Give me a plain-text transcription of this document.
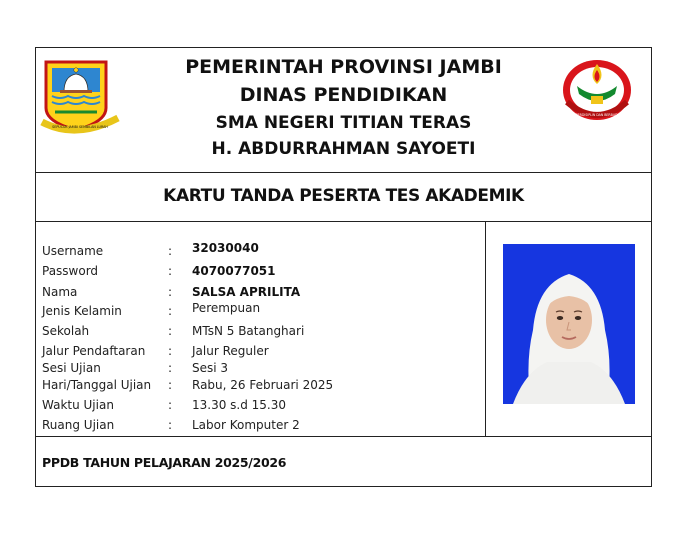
SEPUCUK JAMBI SEMBILAN LURAH
PEMERINTAH PROVINSI JAMBI
DINAS PENDIDIKAN
SMA NEGERI TITIAN TERAS
H. ABDURRAHMAN SAYOETI
BERDISIPLIN DAN BERBUDI
KARTU TANDA PESERTA TES AKADEMIK
Username	: 32030040
Password	: 4070077051
Nama	: SALSA APRILITA
Jenis Kelamin	: Perempuan
Sekolah	: MTsN 5 Batanghari
Jalur Pendaftaran	: Jalur Reguler
Sesi Ujian	: Sesi 3
Hari/Tanggal Ujian	: Rabu, 26 Februari 2025
Waktu Ujian	: 13.30 s.d 15.30
Ruang Ujian	: Labor Komputer 2
PPDB TAHUN PELAJARAN 2025/2026
